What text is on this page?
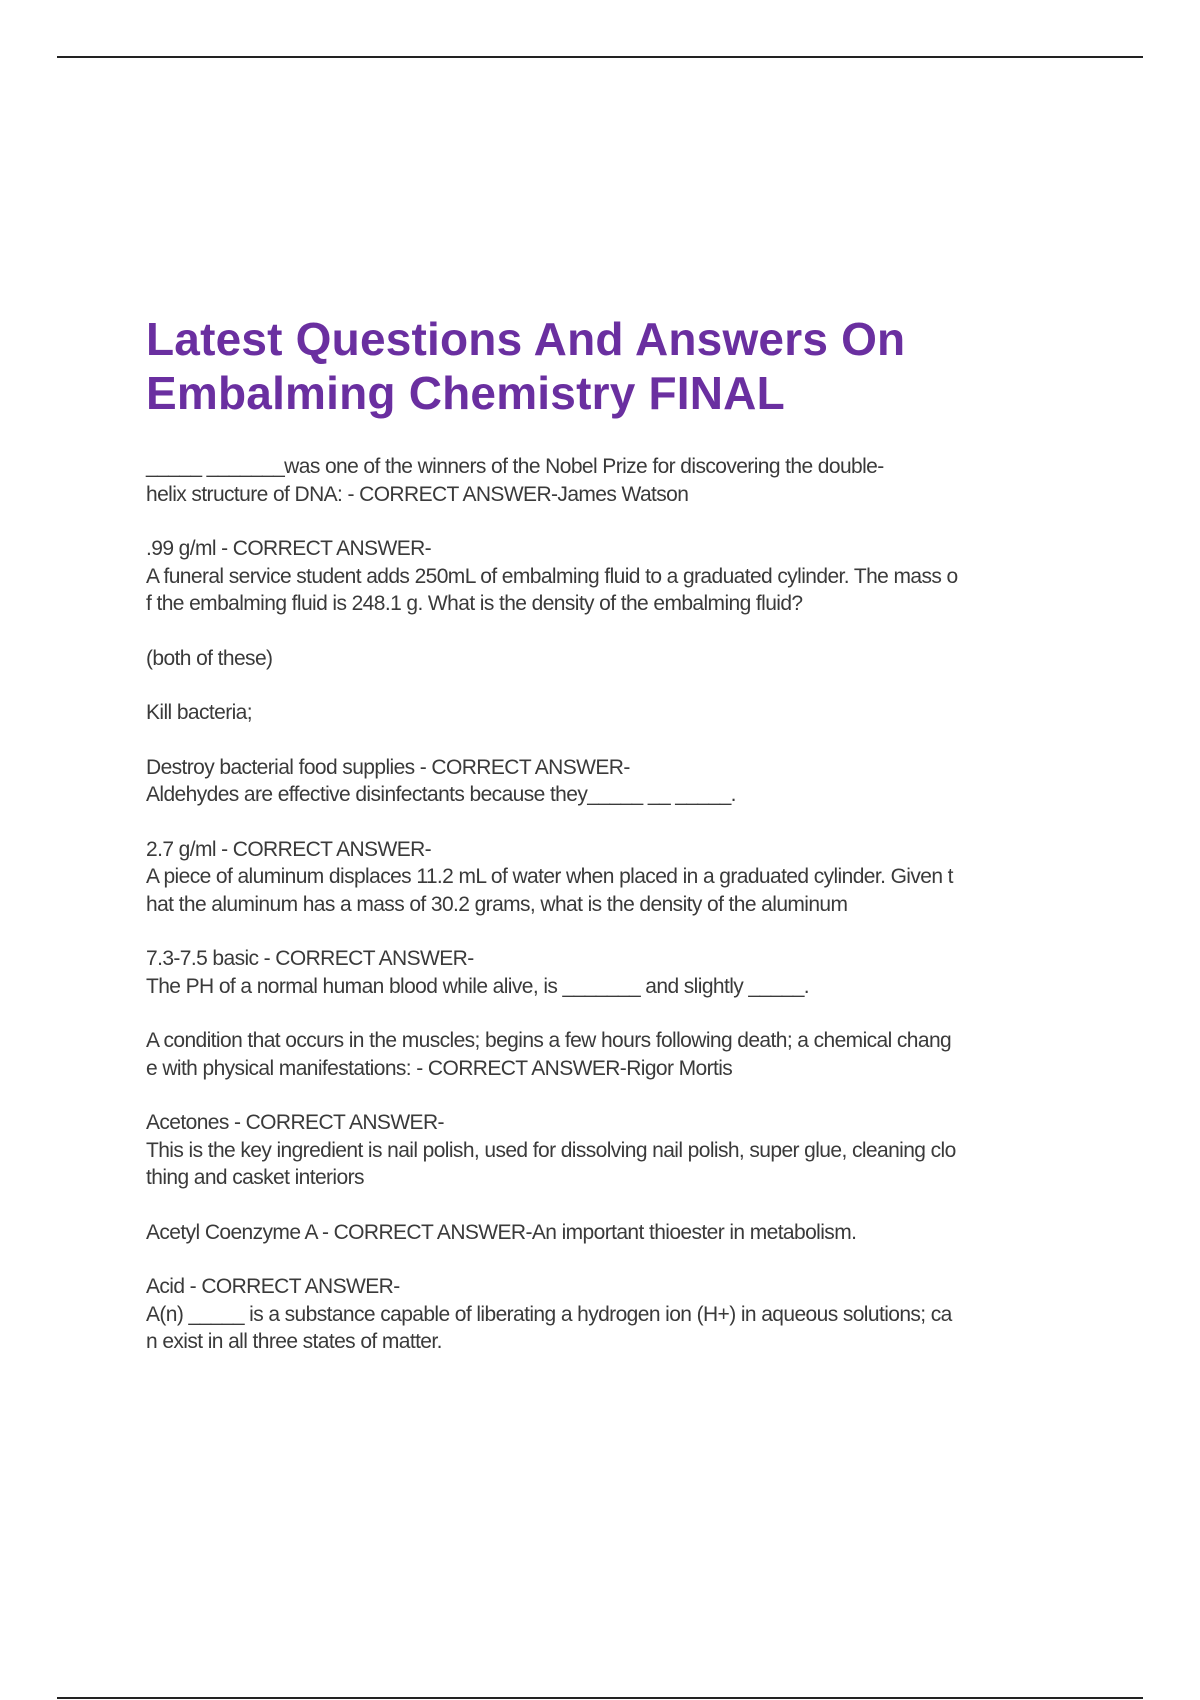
Latest Questions And Answers On
Embalming Chemistry FINAL
_____ _______was one of the winners of the Nobel Prize for discovering the double-
helix structure of DNA: - CORRECT ANSWER-James Watson
.99 g/ml - CORRECT ANSWER-
A funeral service student adds 250mL of embalming fluid to a graduated cylinder. The mass o
f the embalming fluid is 248.1 g. What is the density of the embalming fluid?
(both of these)
Kill bacteria;
Destroy bacterial food supplies - CORRECT ANSWER-
Aldehydes are effective disinfectants because they_____ __ _____.
2.7 g/ml - CORRECT ANSWER-
A piece of aluminum displaces 11.2 mL of water when placed in a graduated cylinder. Given t
hat the aluminum has a mass of 30.2 grams, what is the density of the aluminum
7.3-7.5 basic - CORRECT ANSWER-
The PH of a normal human blood while alive, is _______ and slightly _____.
A condition that occurs in the muscles; begins a few hours following death; a chemical chang
e with physical manifestations: - CORRECT ANSWER-Rigor Mortis
Acetones - CORRECT ANSWER-
This is the key ingredient is nail polish, used for dissolving nail polish, super glue, cleaning clo
thing and casket interiors
Acetyl Coenzyme A - CORRECT ANSWER-An important thioester in metabolism.
Acid - CORRECT ANSWER-
A(n) _____ is a substance capable of liberating a hydrogen ion (H+) in aqueous solutions; ca
n exist in all three states of matter.
